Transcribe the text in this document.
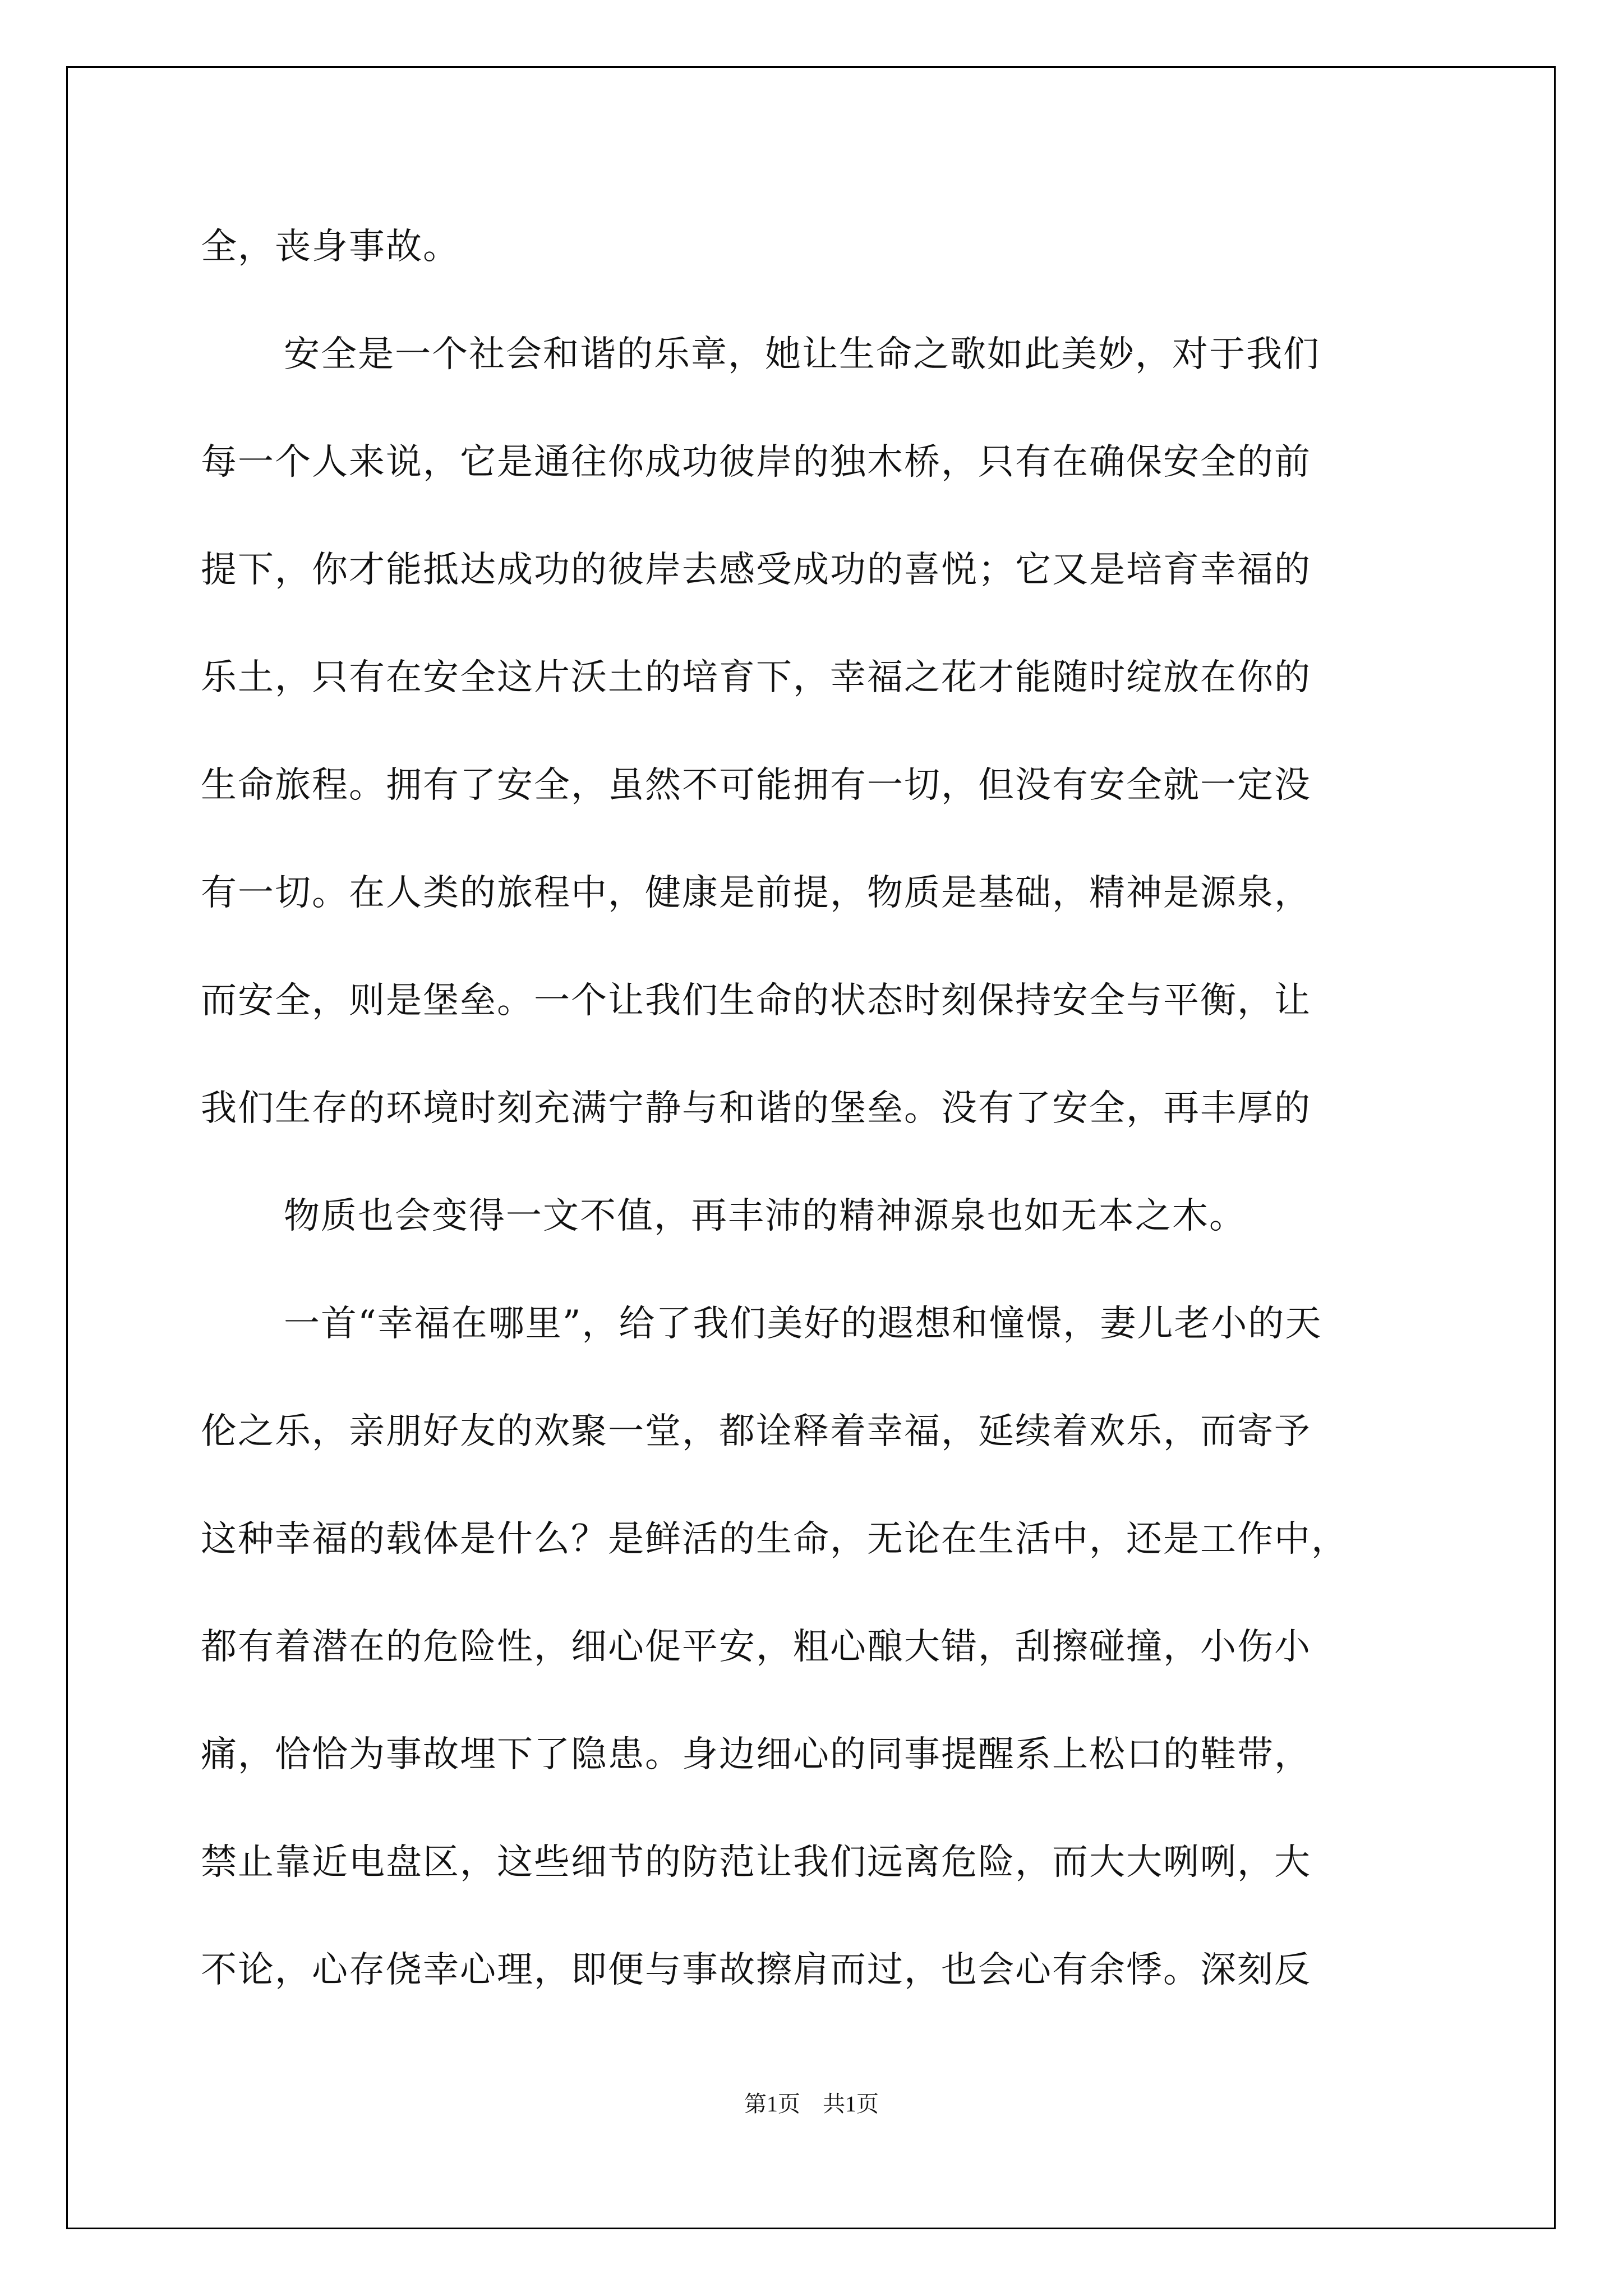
全，丧身事故。
安全是一个社会和谐的乐章，她让生命之歌如此美妙，对于我们
每一个人来说，它是通往你成功彼岸的独木桥，只有在确保安全的前
提下，你才能抵达成功的彼岸去感受成功的喜悦；它又是培育幸福的
乐土，只有在安全这片沃土的培育下，幸福之花才能随时绽放在你的
生命旅程。拥有了安全，虽然不可能拥有一切，但没有安全就一定没
有一切。在人类的旅程中，健康是前提，物质是基础，精神是源泉，
而安全，则是堡垒。一个让我们生命的状态时刻保持安全与平衡，让
我们生存的环境时刻充满宁静与和谐的堡垒。没有了安全，再丰厚的
物质也会变得一文不值，再丰沛的精神源泉也如无本之木。
一首“幸福在哪里”，给了我们美好的遐想和憧憬，妻儿老小的天
伦之乐，亲朋好友的欢聚一堂，都诠释着幸福，延续着欢乐，而寄予
这种幸福的载体是什么？是鲜活的生命，无论在生活中，还是工作中，
都有着潜在的危险性，细心促平安，粗心酿大错，刮擦碰撞，小伤小
痛，恰恰为事故埋下了隐患。身边细心的同事提醒系上松口的鞋带，
禁止靠近电盘区，这些细节的防范让我们远离危险，而大大咧咧，大
不论，心存侥幸心理，即便与事故擦肩而过，也会心有余悸。深刻反
第1页　共1页
